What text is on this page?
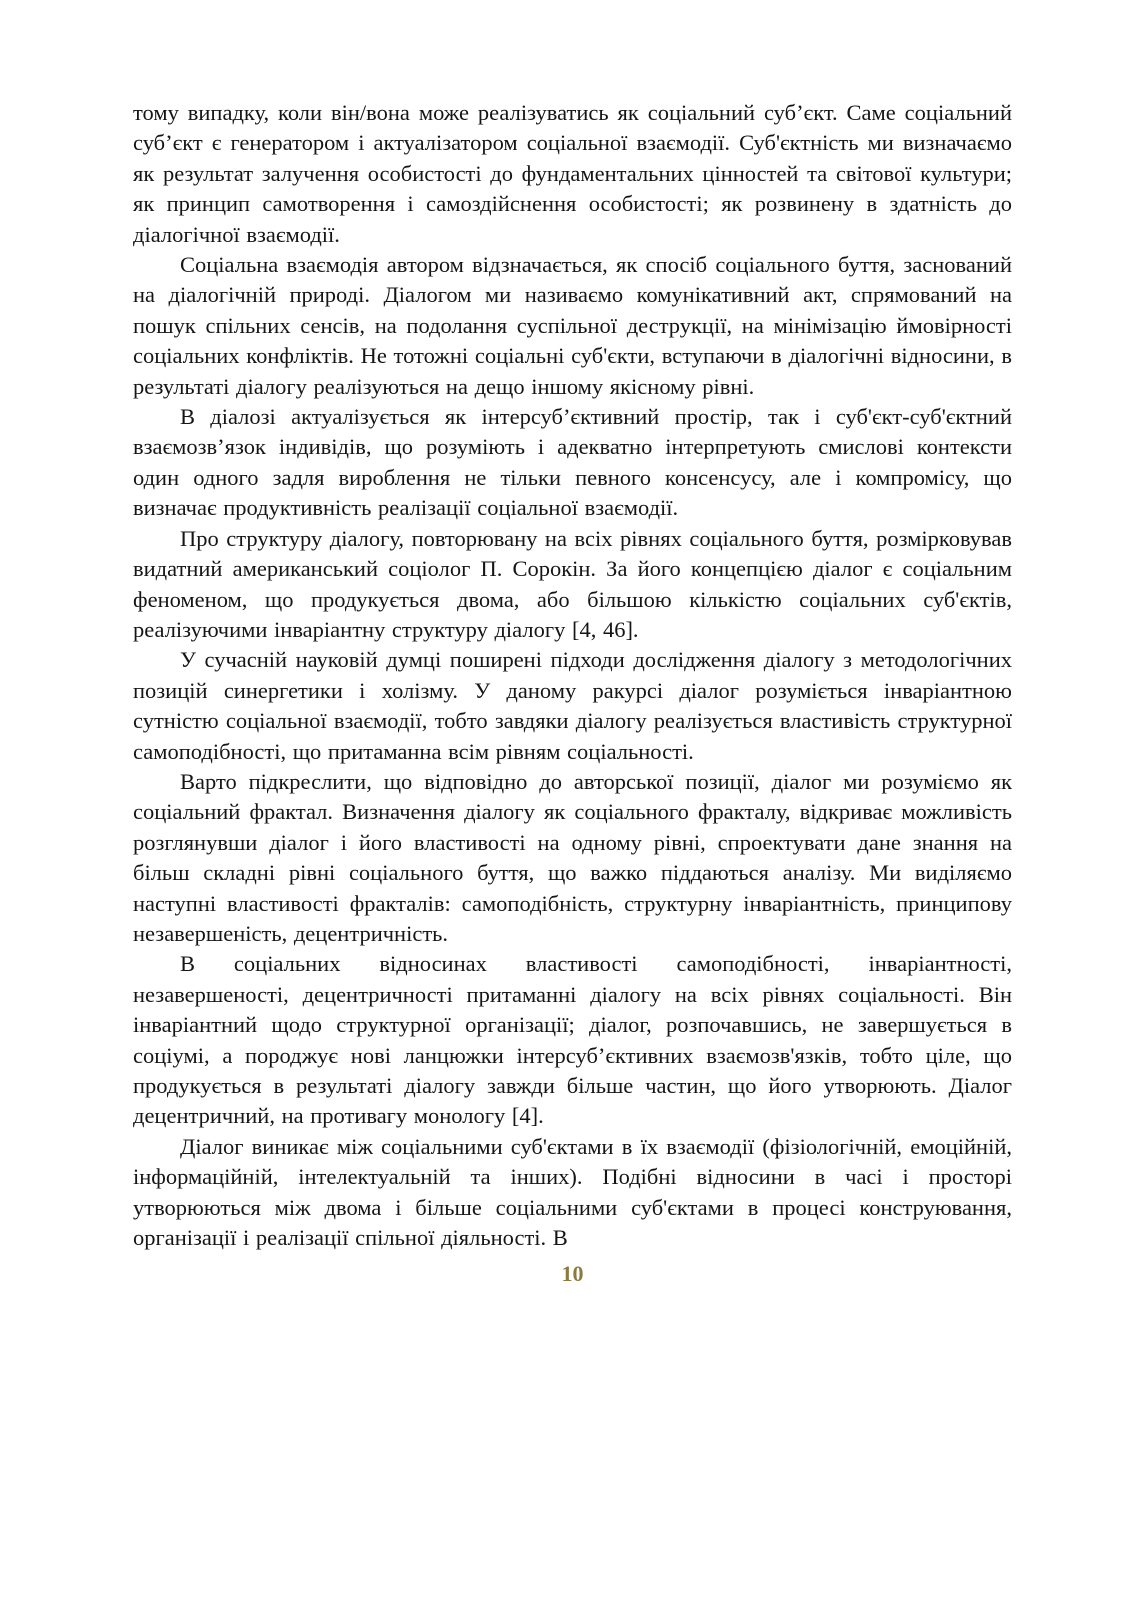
тому випадку, коли він/вона може реалізуватись як соціальний суб’єкт. Саме соціальний суб’єкт є генератором і актуалізатором соціальної взаємодії. Суб'єктність ми визначаємо як результат залучення особистості до фундаментальних цінностей та світової культури; як принцип самотворення і самоздійснення особистості; як розвинену в здатність до діалогічної взаємодії.

Соціальна взаємодія автором відзначається, як спосіб соціального буття, заснований на діалогічній природі. Діалогом ми називаємо комунікативний акт, спрямований на пошук спільних сенсів, на подолання суспільної деструкції, на мінімізацію ймовірності соціальних конфліктів. Не тотожні соціальні суб'єкти, вступаючи в діалогічні відносини, в результаті діалогу реалізуються на дещо іншому якісному рівні.

В діалозі актуалізується як інтерсуб’єктивний простір, так і суб'єкт-суб'єктний взаємозв’язок індивідів, що розуміють і адекватно інтерпретують смислові контексти один одного задля вироблення не тільки певного консенсусу, але і компромісу, що визначає продуктивність реалізації соціальної взаємодії.

Про структуру діалогу, повторювану на всіх рівнях соціального буття, розмірковував видатний американський соціолог П. Сорокін. За його концепцією діалог є соціальним феноменом, що продукується двома, або більшою кількістю соціальних суб'єктів, реалізуючими інваріантну структуру діалогу [4, 46].

У сучасній науковій думці поширені підходи дослідження діалогу з методологічних позицій синергетики і холізму. У даному ракурсі діалог розуміється інваріантною сутністю соціальної взаємодії, тобто завдяки діалогу реалізується властивість структурної самоподібності, що притаманна всім рівням соціальності.

Варто підкреслити, що відповідно до авторської позиції, діалог ми розуміємо як соціальний фрактал. Визначення діалогу як соціального фракталу, відкриває можливість розглянувши діалог і його властивості на одному рівні, спроектувати дане знання на більш складні рівні соціального буття, що важко піддаються аналізу. Ми виділяємо наступні властивості фракталів: самоподібність, структурну інваріантність, принципову незавершеність, децентричність.

В соціальних відносинах властивості самоподібності, інваріантності, незавершеності, децентричності притаманні діалогу на всіх рівнях соціальності. Він інваріантний щодо структурної організації; діалог, розпочавшись, не завершується в соціумі, а породжує нові ланцюжки інтерсуб’єктивних взаємозв'язків, тобто ціле, що продукується в результаті діалогу завжди більше частин, що його утворюють. Діалог децентричний, на противагу монологу [4].

Діалог виникає між соціальними суб'єктами в їх взаємодії (фізіологічній, емоційній, інформаційній, інтелектуальній та інших). Подібні відносини в часі і просторі утворюються між двома і більше соціальними суб'єктами в процесі конструювання, організації і реалізації спільної діяльності. В

10
